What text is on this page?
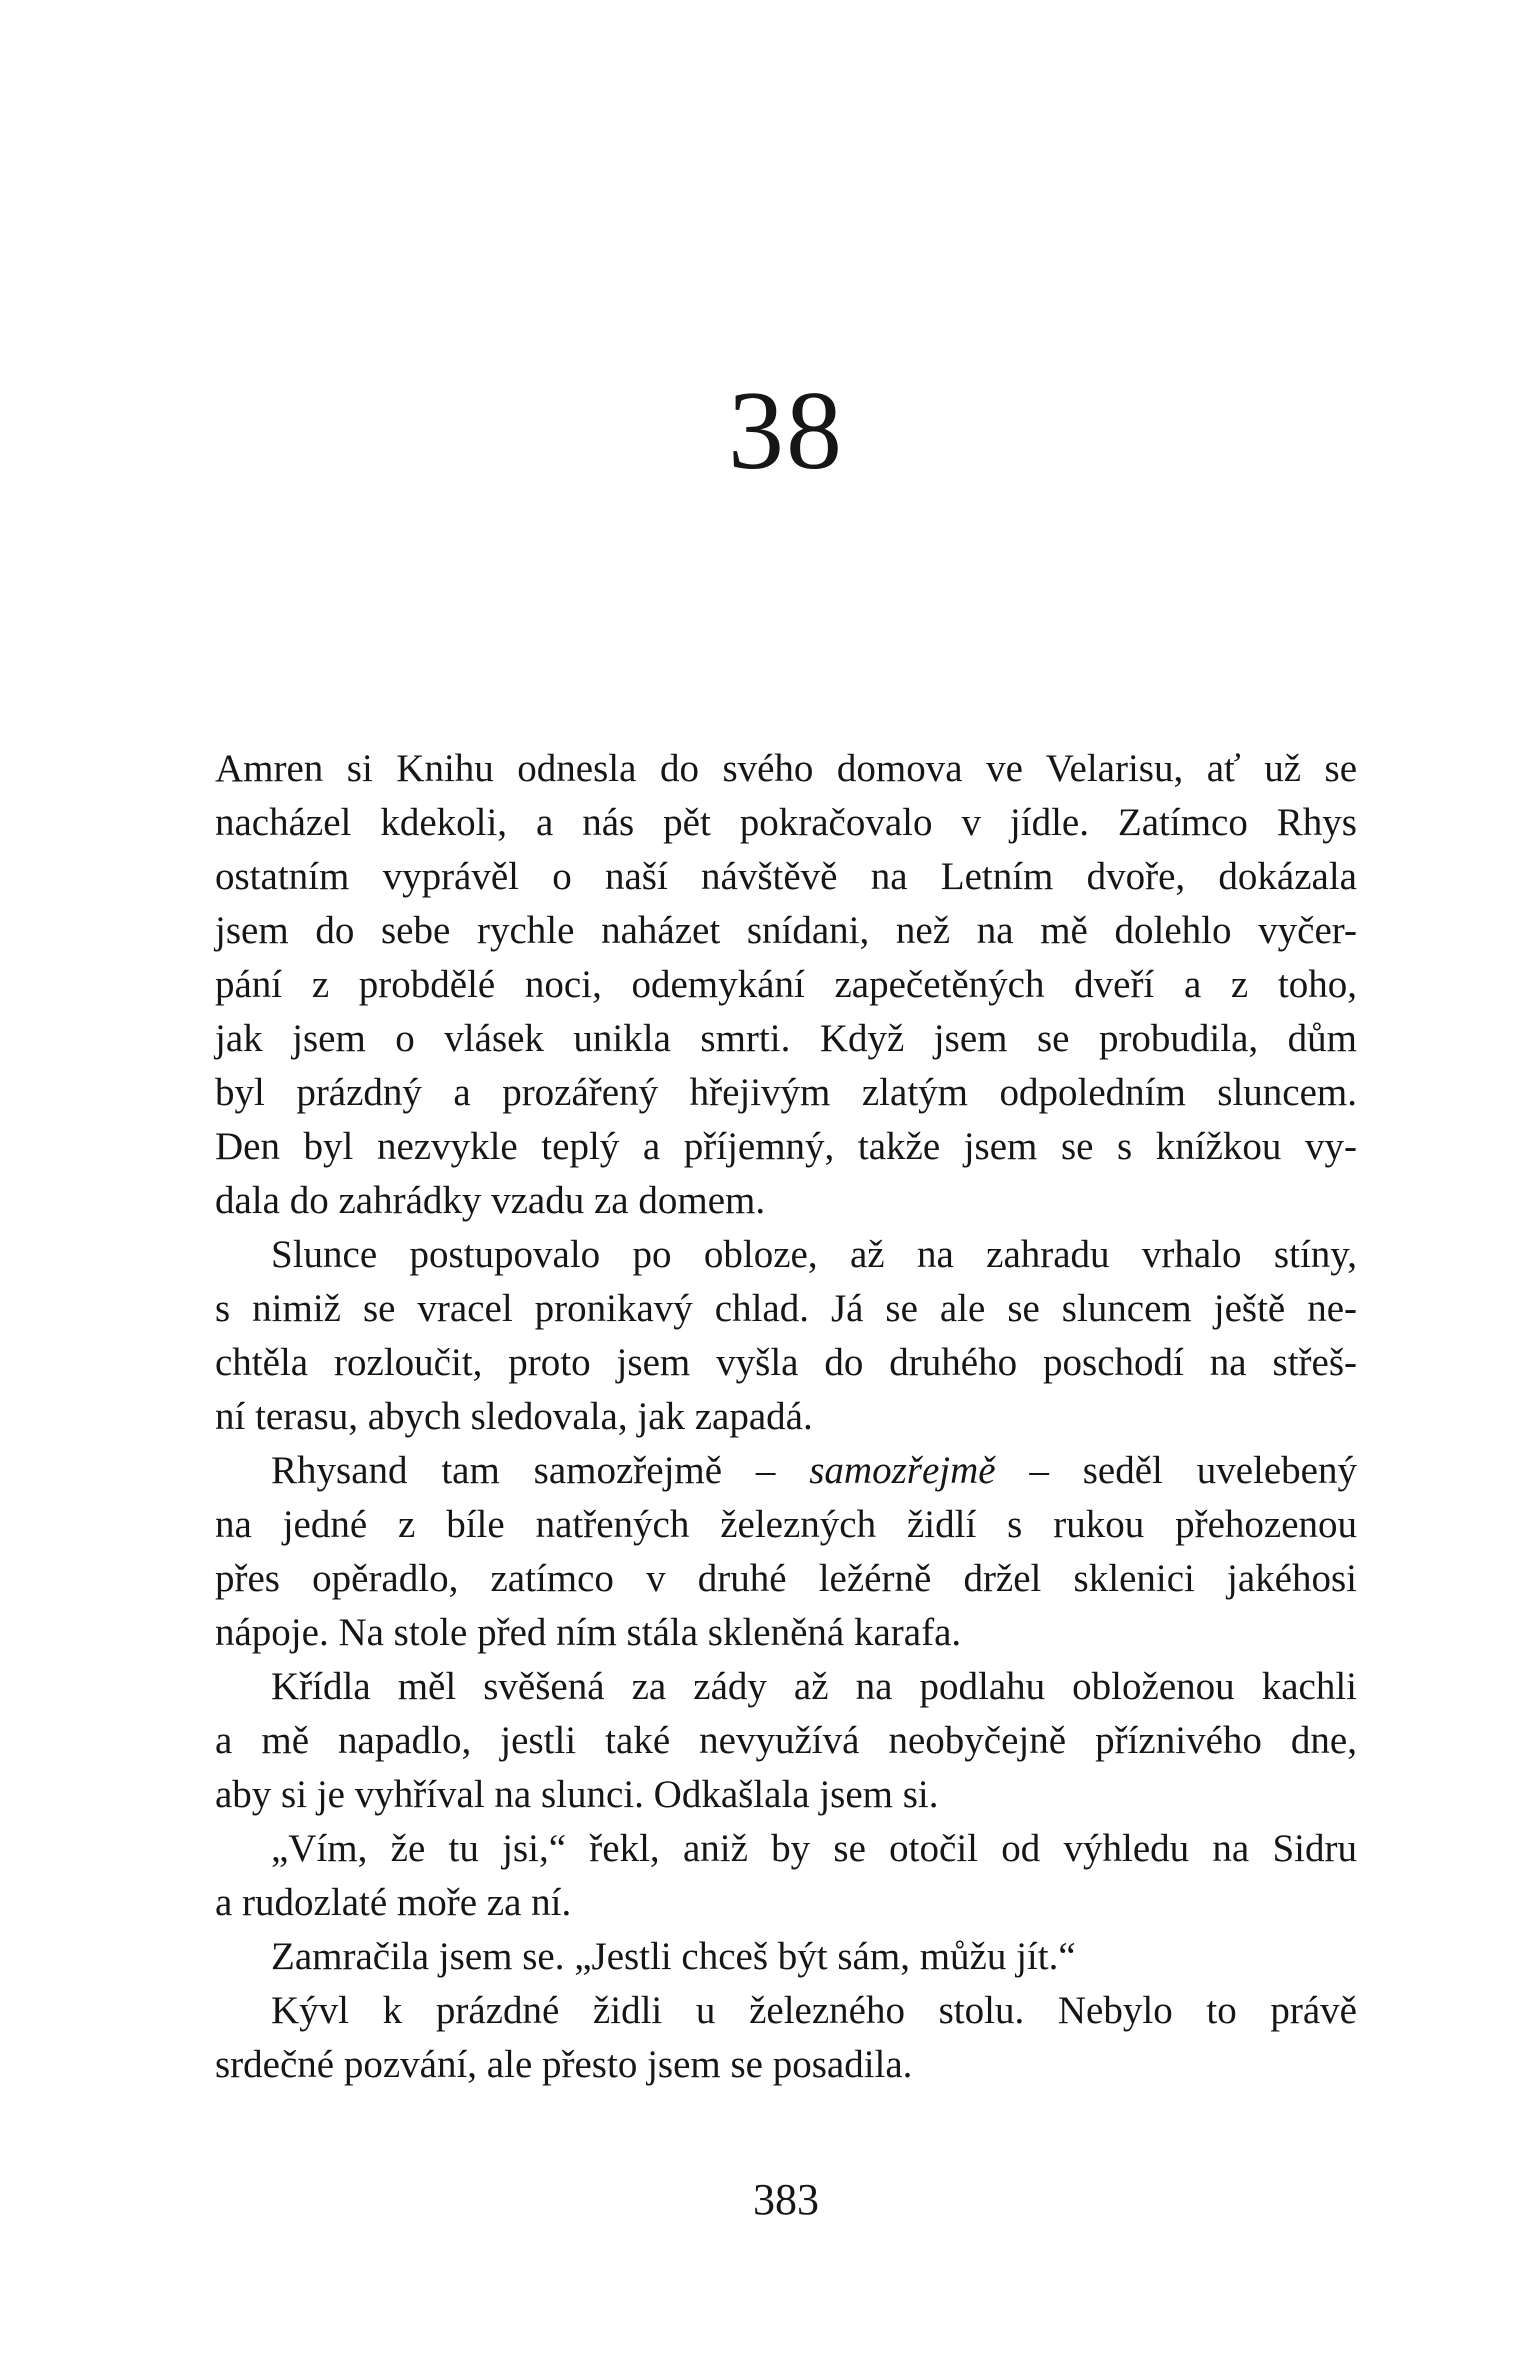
38
Amren si Knihu odnesla do svého domova ve Velarisu, ať už se
nacházel kdekoli, a nás pět pokračovalo v jídle. Zatímco Rhys
ostatním vyprávěl o naší návštěvě na Letním dvoře, dokázala
jsem do sebe rychle naházet snídani, než na mě dolehlo vyčer-
pání z probdělé noci, odemykání zapečetěných dveří a z toho,
jak jsem o vlásek unikla smrti. Když jsem se probudila, dům
byl prázdný a prozářený hřejivým zlatým odpoledním sluncem.
Den byl nezvykle teplý a příjemný, takže jsem se s knížkou vy-
dala do zahrádky vzadu za domem.
Slunce postupovalo po obloze, až na zahradu vrhalo stíny,
s nimiž se vracel pronikavý chlad. Já se ale se sluncem ještě ne-
chtěla rozloučit, proto jsem vyšla do druhého poschodí na střeš-
ní terasu, abych sledovala, jak zapadá.
Rhysand tam samozřejmě – samozřejmě – seděl uvelebený
na jedné z bíle natřených železných židlí s rukou přehozenou
přes opěradlo, zatímco v druhé ležérně držel sklenici jakéhosi
nápoje. Na stole před ním stála skleněná karafa.
Křídla měl svěšená za zády až na podlahu obloženou kachli
a mě napadlo, jestli také nevyužívá neobyčejně příznivého dne,
aby si je vyhříval na slunci. Odkašlala jsem si.
„Vím, že tu jsi,“ řekl, aniž by se otočil od výhledu na Sidru
a rudozlaté moře za ní.
Zamračila jsem se. „Jestli chceš být sám, můžu jít.“
Kývl k prázdné židli u železného stolu. Nebylo to právě
srdečné pozvání, ale přesto jsem se posadila.
383
